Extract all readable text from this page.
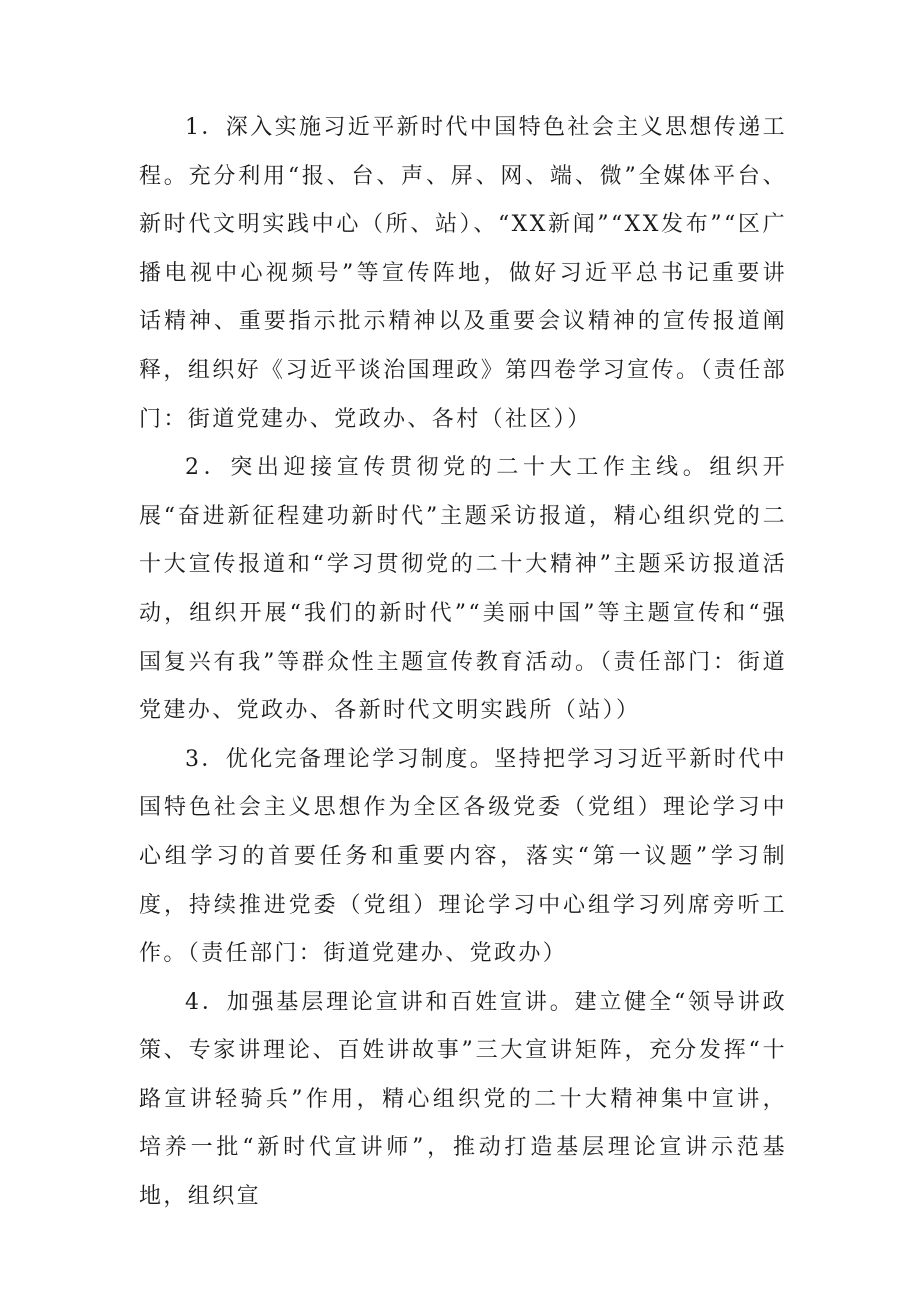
1．深入实施习近平新时代中国特色社会主义思想传递工程。充分利用“报、台、声、屏、网、端、微”全媒体平台、新时代文明实践中心（所、站）、“XX新闻”“XX发布”“区广播电视中心视频号”等宣传阵地，做好习近平总书记重要讲话精神、重要指示批示精神以及重要会议精神的宣传报道阐释，组织好《习近平谈治国理政》第四卷学习宣传。（责任部门：街道党建办、党政办、各村（社区））

2．突出迎接宣传贯彻党的二十大工作主线。组织开展“奋进新征程建功新时代”主题采访报道，精心组织党的二十大宣传报道和“学习贯彻党的二十大精神”主题采访报道活动，组织开展“我们的新时代”“美丽中国”等主题宣传和“强国复兴有我”等群众性主题宣传教育活动。（责任部门：街道党建办、党政办、各新时代文明实践所（站））

3．优化完备理论学习制度。坚持把学习习近平新时代中国特色社会主义思想作为全区各级党委（党组）理论学习中心组学习的首要任务和重要内容，落实“第一议题”学习制度，持续推进党委（党组）理论学习中心组学习列席旁听工作。（责任部门：街道党建办、党政办）

4．加强基层理论宣讲和百姓宣讲。建立健全“领导讲政策、专家讲理论、百姓讲故事”三大宣讲矩阵，充分发挥“十路宣讲轻骑兵”作用，精心组织党的二十大精神集中宣讲，培养一批“新时代宣讲师”，推动打造基层理论宣讲示范基地，组织宣
